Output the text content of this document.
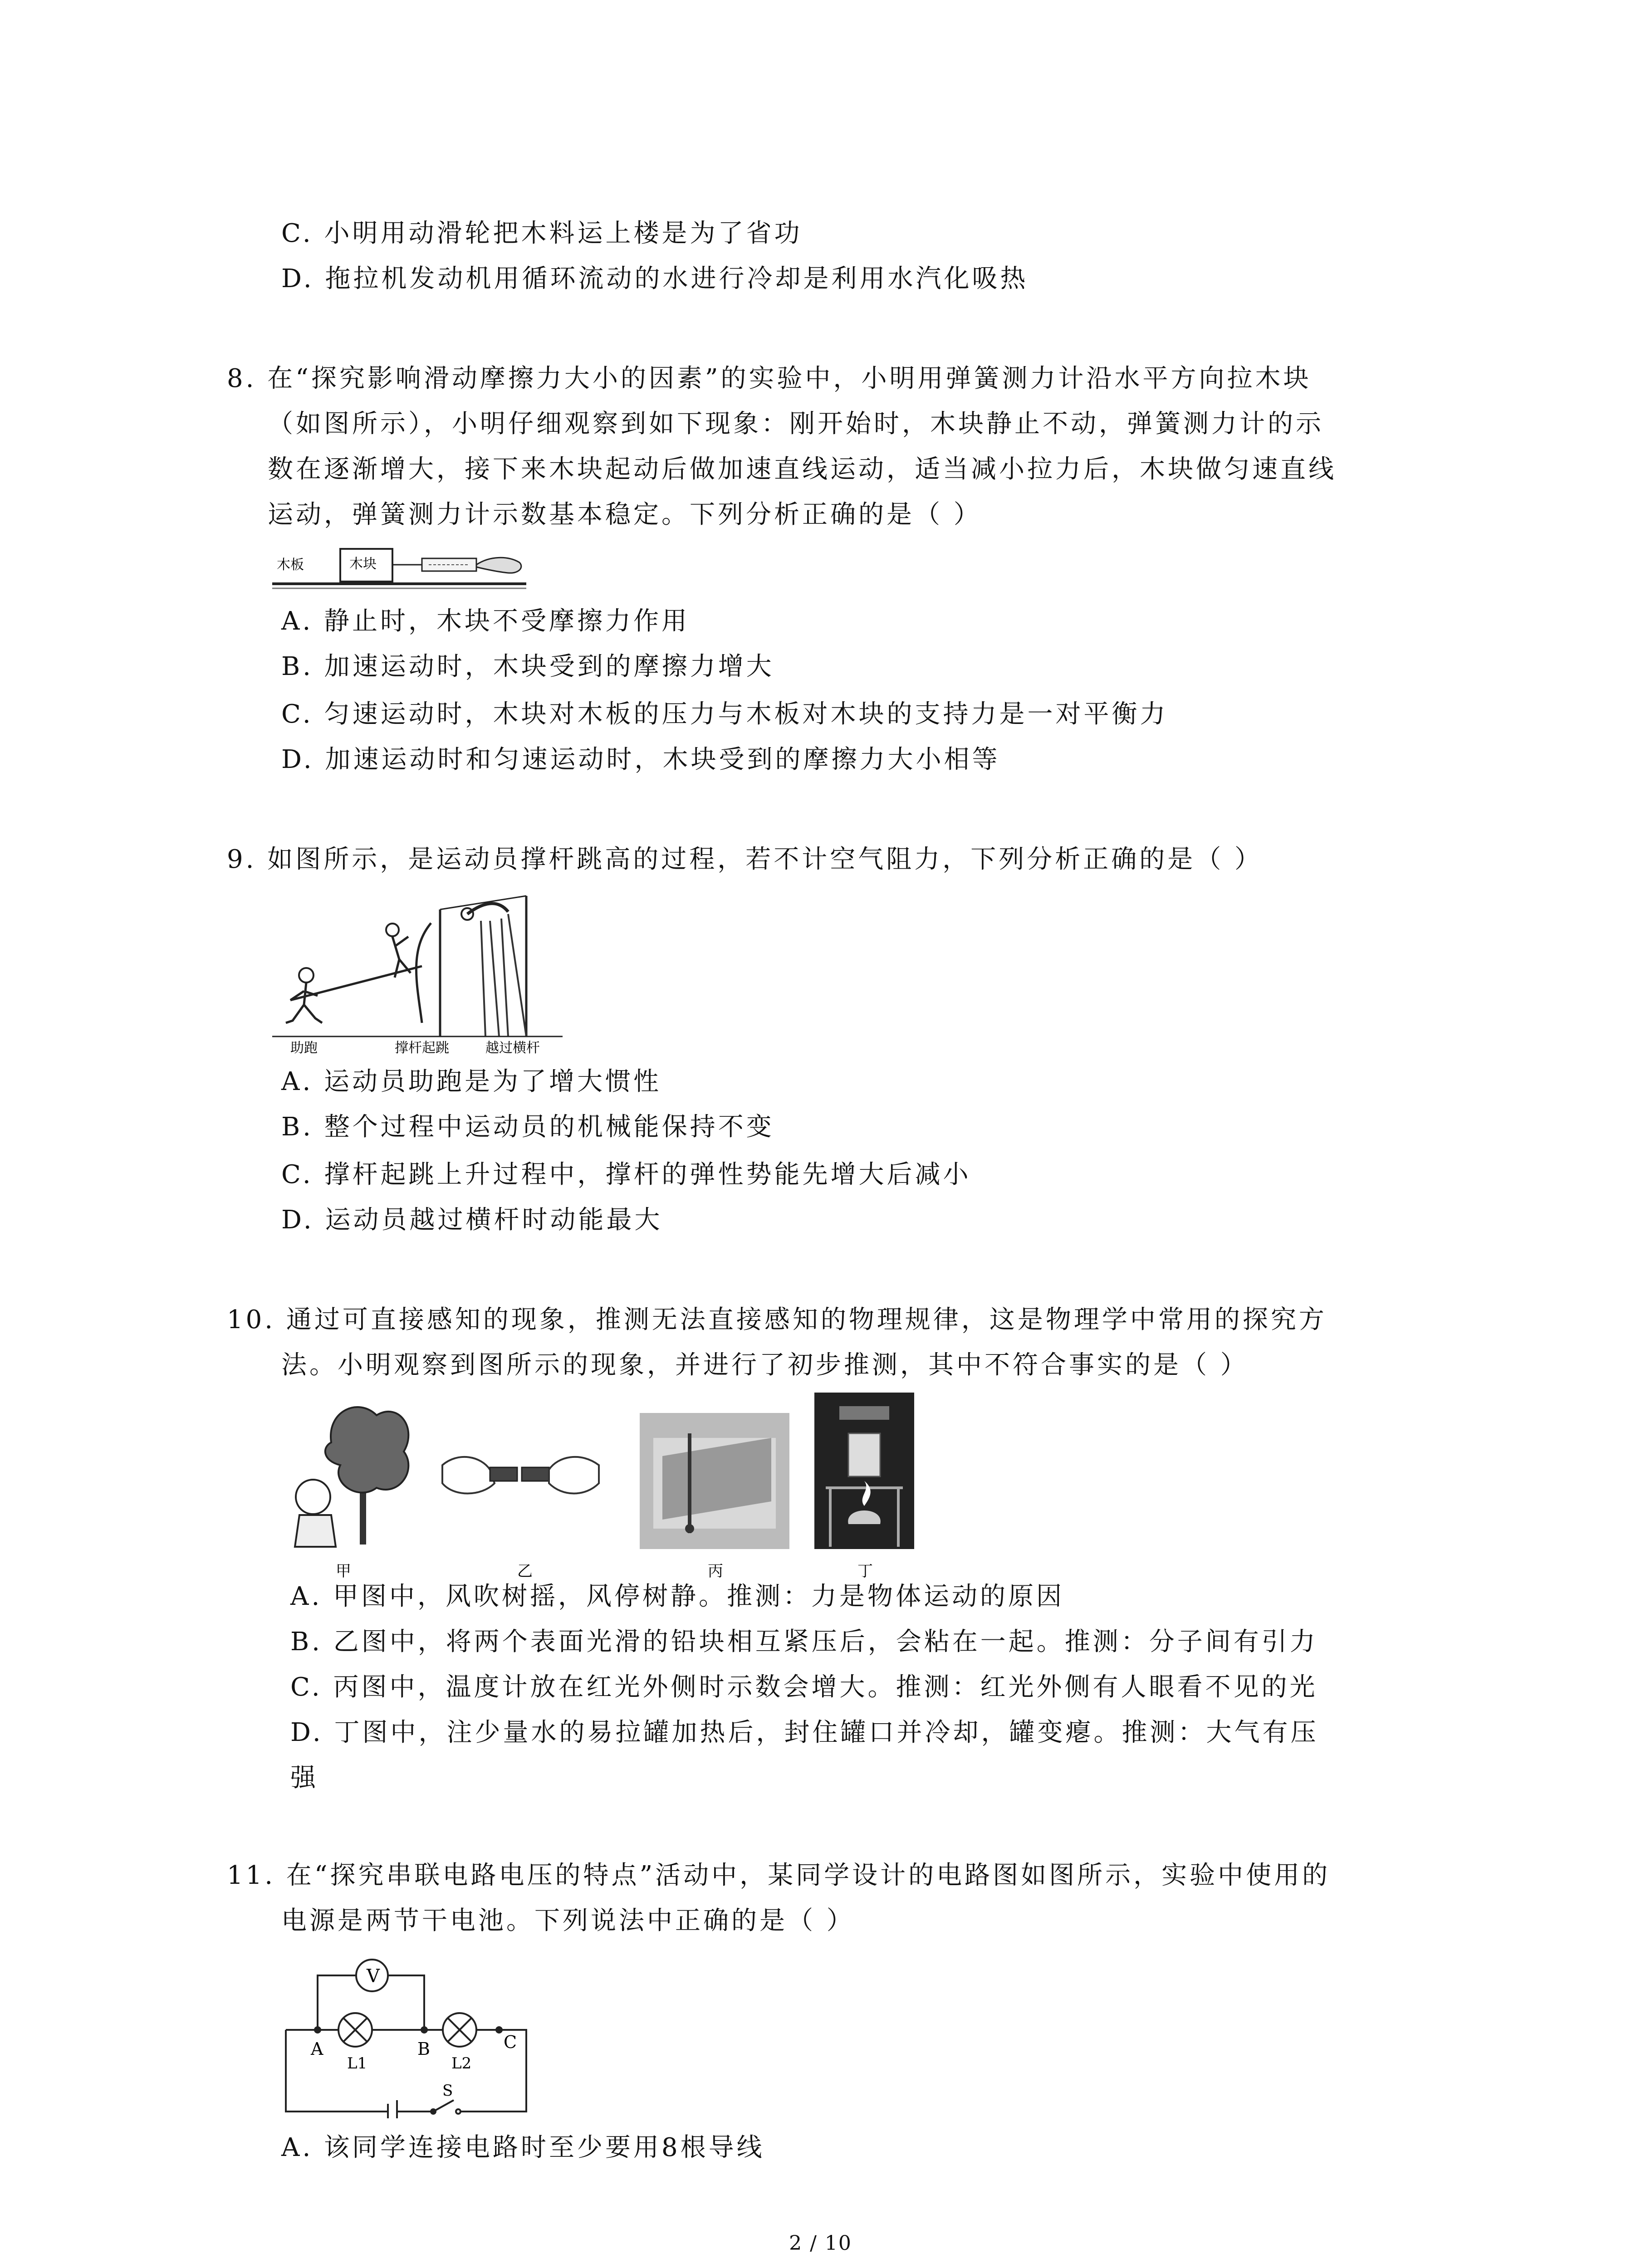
C. 小明用动滑轮把木料运上楼是为了省功
D. 拖拉机发动机用循环流动的水进行冷却是利用水汽化吸热
8. 在“探究影响滑动摩擦力大小的因素”的实验中，小明用弹簧测力计沿水平方向拉木块
（如图所示），小明仔细观察到如下现象：刚开始时，木块静止不动，弹簧测力计的示
数在逐渐增大，接下来木块起动后做加速直线运动，适当减小拉力后，木块做匀速直线
运动，弹簧测力计示数基本稳定。下列分析正确的是（ ）
木板	木块
A. 静止时，木块不受摩擦力作用
B. 加速运动时，木块受到的摩擦力增大
C. 匀速运动时，木块对木板的压力与木板对木块的支持力是一对平衡力
D. 加速运动时和匀速运动时，木块受到的摩擦力大小相等
9. 如图所示，是运动员撑杆跳高的过程，若不计空气阻力，下列分析正确的是（ ）
助跑	撑杆起跳	越过横杆
A. 运动员助跑是为了增大惯性
B. 整个过程中运动员的机械能保持不变
C. 撑杆起跳上升过程中，撑杆的弹性势能先增大后减小
D. 运动员越过横杆时动能最大
10. 通过可直接感知的现象，推测无法直接感知的物理规律，这是物理学中常用的探究方
法。小明观察到图所示的现象，并进行了初步推测，其中不符合事实的是（ ）
甲	乙	丙	丁
A. 甲图中，风吹树摇，风停树静。推测：力是物体运动的原因
B. 乙图中，将两个表面光滑的铅块相互紧压后，会粘在一起。推测：分子间有引力
C. 丙图中，温度计放在红光外侧时示数会增大。推测：红光外侧有人眼看不见的光
D. 丁图中，注少量水的易拉罐加热后，封住罐口并冷却，罐变瘪。推测：大气有压
强
11. 在“探究串联电路电压的特点”活动中，某同学设计的电路图如图所示，实验中使用的
电源是两节干电池。下列说法中正确的是（ ）
V
A	B	C
L1	L2
S
A. 该同学连接电路时至少要用8根导线
2 / 10
